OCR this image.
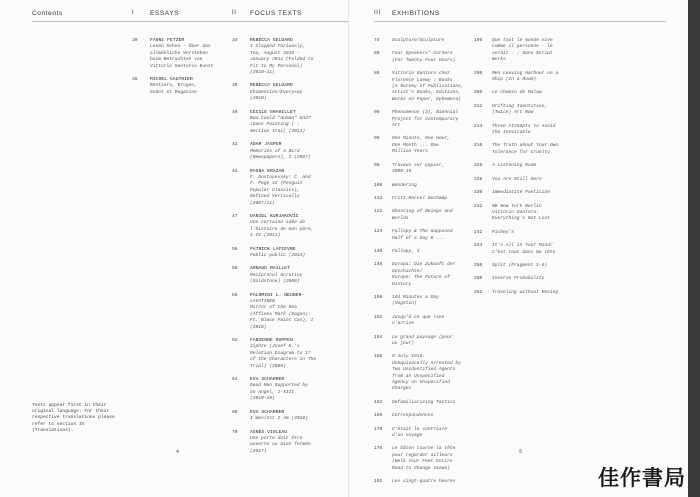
Contents	I ESSAYS	II FOCUS TEXTS	III EXHIBITIONS
30	FANNI FETZER
Lesen Sehen - Über das
allmähliche Verstehen
beim Betrachten von
Vittorio Santoros Kunst
36	MICHEL GAUTHIER
Rentiers, Drogen,
Godot et Magazine
34	REBECCA GELDARD
I Clapped Furiously,
Too, August 2010 –
January 2011 (Folded to
Fit to My Personal)
(2010–11)
36	REBECCA GELDARD
Ehimention/Everysay
(2010)
40	CÉCILE GRAHILLET
Bow Could "Human" End?
(Dans Painting ( :
Section Itai) (2011)
42	ADAM JASPER
Memories of a Bird
(Newspapers), I (2007)
44	RAGNA KRAZAN
F. Dostoyevsky: C. and
F. Page 42 (Penguin
Popular Classics),
Defined Vertically
(2007/11)
47	DANIEL KURJAKOVIC
Une certaine idée de
l'histoire de mon père,
1-IV (2011)
56	PATRICK LAFIEVRE
Public public (2014)
58	ARNAUD MAILLET
Reciprocal Scrutiny
(Goldstone) (2000)
60	PALOMINI L. NEUNER-
LAVATINEN
Mirror of the Sea
(Affinex Mark (Dagon):
Ft. Black Paint Can), I
(2010)
62	FABIENNE RUPPEN
Ziphte (Josef K.'s
Relation Diagram to 17
of the Characters in The
Trial) (2009)
64	EVA SCHARRER
Dead Man Supported by
an Angel, I–XIII
(2010–19)
66	EVA SCHARRER
I Was/Ist I Am (2010)
70	AGNÈS VIOLEAU
Une porte doit être
ouverte ou bien fermée
(2017)
74	Sculpture/Sculpture
80	Four Speakers' Corners
(For Twenty-Four Hours)
86	Vittorio Santoro chez
Florence Loewy : Books
(A Survey of Publications,
Artist's Books, Editions,
Works on Paper, Ephemera)
90	Phenomenon (3), Biennial
Project for Contemporary
Art
96	One Minute, One Hour,
One Month ... One
Million Years
98	Travaux sur papier,
2008–19
108 Wandering
112 Fritz Marcel Duchamp
122 Ghosting of Beings and
Worlds
124 Fallopy & The Supposed
Half of a Day 8 ...
140 Fallopy, I
146 Europa: Die Zukunft der
Geschichte/
Europe: The Future of
History
150 104 Minutes a Day
(Hugstin)
152 Jusqu'à ce que rien
n'arrive
154 Le grand paysage (pour
un jour)
156 9 July 1918:
Unequivocally Arrested by
Two Unidentified Agents
from an Unspecified
Agency on Unspecified
Charges
162 Defamiliarizing Tactics
166 Correspondences
170 C'était le contraire
d'un voyage
178 Le bâton tourne la tête
pour regarder ailleurs
(Walk Your Feet Entire
Road to Change Views)
192 Les vingt-quatre heures
196 Que tout le monde vive
comme il personne - le
serait - ; Sans Script
Works
200 Men Leaving Harbour on a
Ship (In a Room)
206 Le chemin de Malaw
212 Drifting Identities,
(Twice) Art Now
214 Three Attempts to Avoid
the Inevitable
216 The Truth about Your Own
Tolerance for Cruelty
226 A Listening Room
228 You Are Still Here
230 Immediatité Poeticize
232 NB New York Berlin
Vittorio Santoro:
Everything's Not Lost
242 Pichey's
244 It's All in Your Mind/
C'est tout dans ma tête
250 Split (Fragment 1–9)
260 Inverse Probability
262 Traveling without Moving
Texts appear first in their
original language. For their
respective translations please
refer to section IV
(Translations).
4	5
佳作書局
